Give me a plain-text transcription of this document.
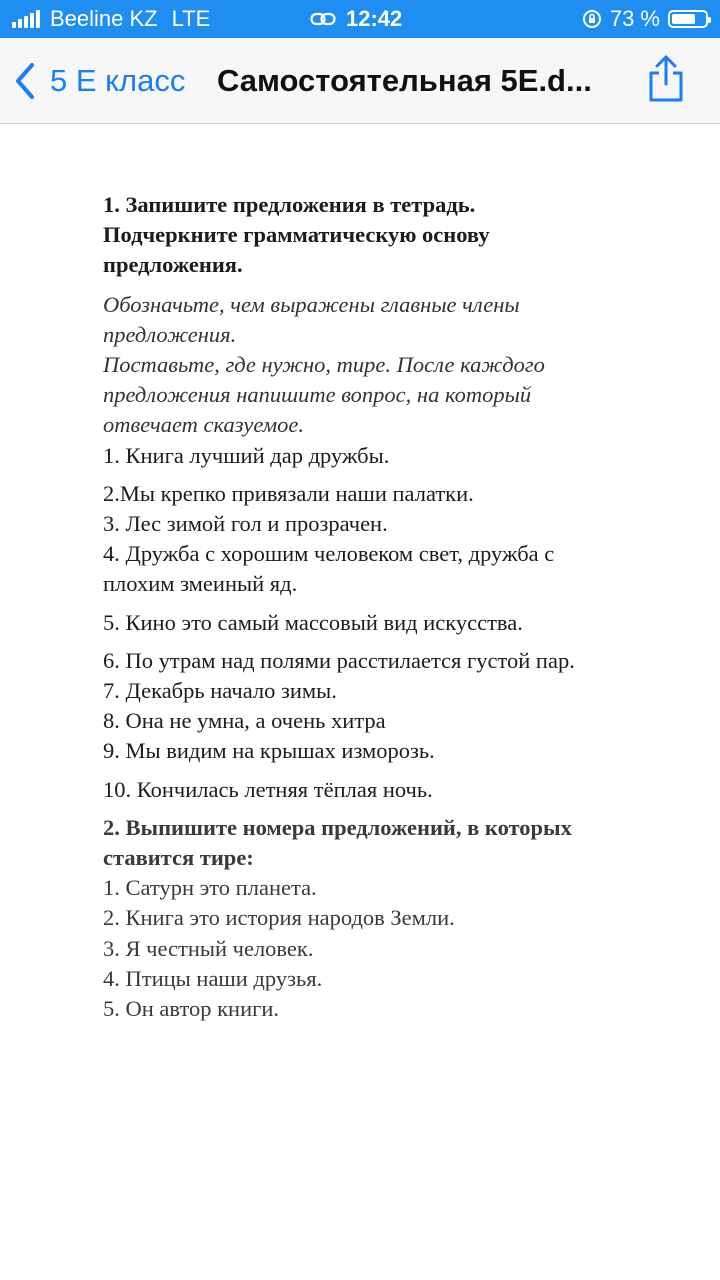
Beeline KZ LTE	12:42	73 %
5 Е класс Самостоятельная 5E.d...

1. Запишите предложения в тетрадь.

Подчеркните грамматическую основу

предложения.

Обозначьте, чем выражены главные члены

предложения.

Поставьте, где нужно, тире. После каждого

предложения напишите вопрос, на который

отвечает сказуемое.

1. Книга лучший дар дружбы.

2.Мы крепко привязали наши палатки.

3. Лес зимой гол и прозрачен.

4. Дружба с хорошим человеком свет, дружба с

плохим змеиный яд.

5. Кино это самый массовый вид искусства.

6. По утрам над полями расстилается густой пар.

7. Декабрь начало зимы.

8. Она не умна, а очень хитра

9. Мы видим на крышах изморозь.

10. Кончилась летняя тёплая ночь.

2. Выпишите номера предложений, в которых

ставится тире:

1. Сатурн это планета.

2. Книга это история народов Земли.

3. Я честный человек.

4. Птицы наши друзья.

5. Он автор книги.
